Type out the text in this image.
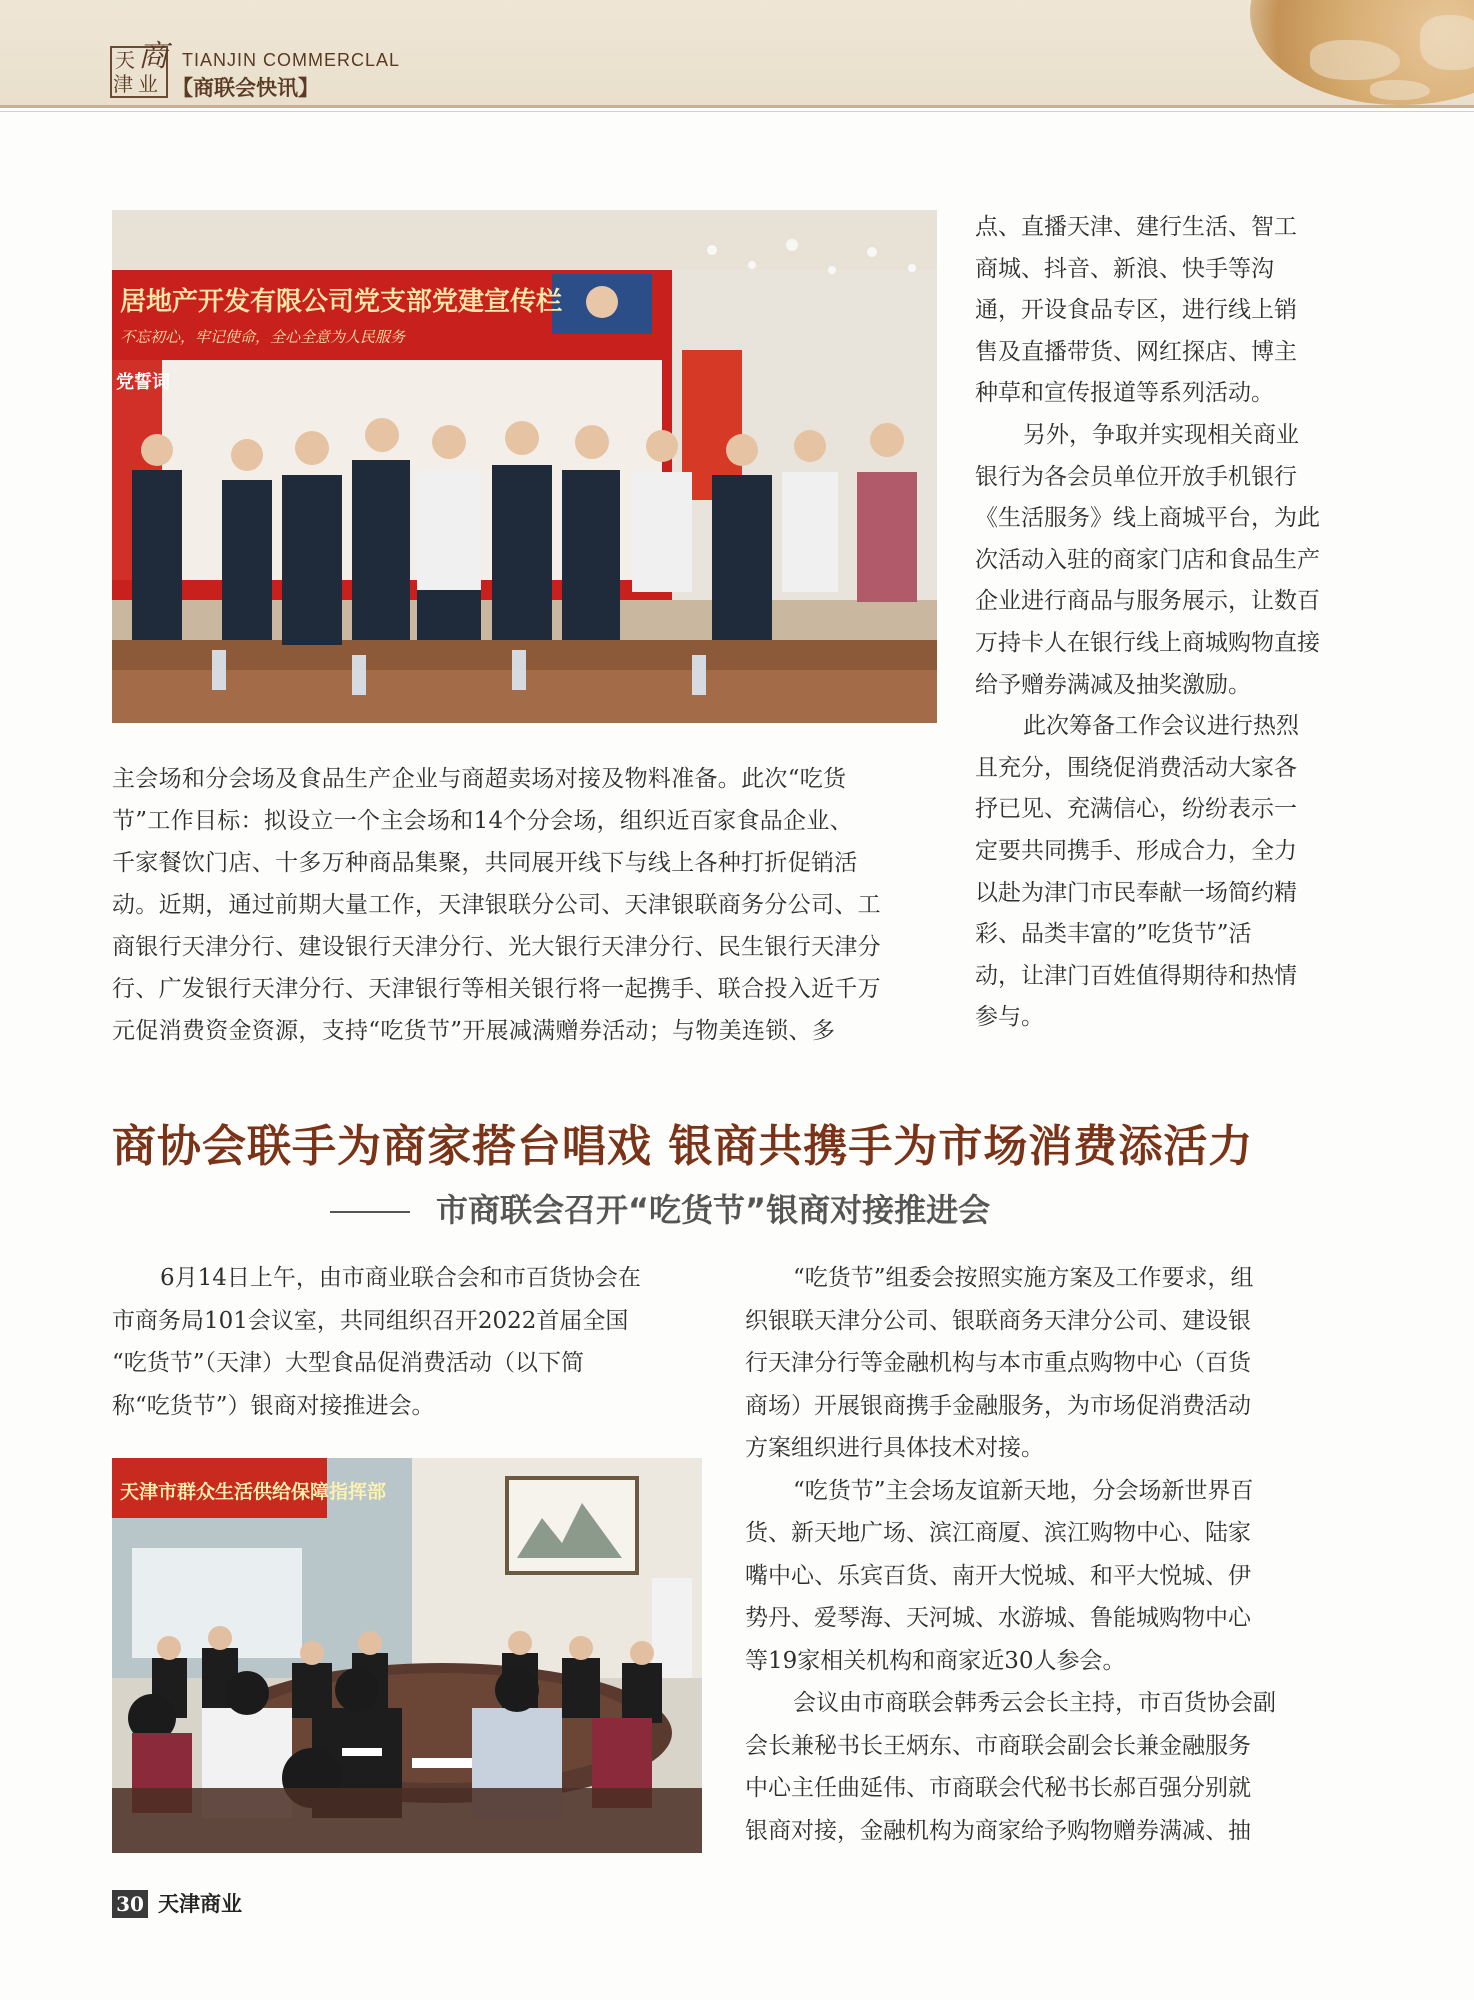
天 商
津 业
TIANJIN COMMERCLAL
【商联会快讯】
居地产开发有限公司党支部党建宣传栏
不忘初心，牢记使命，全心全意为人民服务
党誓词

主会场和分会场及食品生产企业与商超卖场对接及物料准备。此次“吃货

节”工作目标：拟设立一个主会场和14个分会场，组织近百家食品企业、

千家餐饮门店、十多万种商品集聚，共同展开线下与线上各种打折促销活

动。近期，通过前期大量工作，天津银联分公司、天津银联商务分公司、工

商银行天津分行、建设银行天津分行、光大银行天津分行、民生银行天津分

行、广发银行天津分行、天津银行等相关银行将一起携手、联合投入近千万

元促消费资金资源，支持“吃货节”开展减满赠券活动；与物美连锁、多

点、直播天津、建行生活、智工

商城、抖音、新浪、快手等沟

通，开设食品专区，进行线上销

售及直播带货、网红探店、博主

种草和宣传报道等系列活动。

另外，争取并实现相关商业

银行为各会员单位开放手机银行

《生活服务》线上商城平台，为此

次活动入驻的商家门店和食品生产

企业进行商品与服务展示，让数百

万持卡人在银行线上商城购物直接

给予赠券满减及抽奖激励。

此次筹备工作会议进行热烈

且充分，围绕促消费活动大家各

抒已见、充满信心，纷纷表示一

定要共同携手、形成合力，全力

以赴为津门市民奉献一场简约精

彩、品类丰富的”吃货节”活

动，让津门百姓值得期待和热情

参与。

商协会联手为商家搭台唱戏 银商共携手为市场消费添活力
市商联会召开“吃货节”银商对接推进会

6月14日上午，由市商业联合会和市百货协会在

市商务局101会议室，共同组织召开2022首届全国

“吃货节”（天津）大型食品促消费活动（以下简

称“吃货节”）银商对接推进会。

天津市群众生活供给保障指挥部

“吃货节”组委会按照实施方案及工作要求，组

织银联天津分公司、银联商务天津分公司、建设银

行天津分行等金融机构与本市重点购物中心（百货

商场）开展银商携手金融服务，为市场促消费活动

方案组织进行具体技术对接。

“吃货节”主会场友谊新天地，分会场新世界百

货、新天地广场、滨江商厦、滨江购物中心、陆家

嘴中心、乐宾百货、南开大悦城、和平大悦城、伊

势丹、爱琴海、天河城、水游城、鲁能城购物中心

等19家相关机构和商家近30人参会。

会议由市商联会韩秀云会长主持，市百货协会副

会长兼秘书长王炳东、市商联会副会长兼金融服务

中心主任曲延伟、市商联会代秘书长郝百强分别就

银商对接，金融机构为商家给予购物赠券满减、抽

30 天津商业
